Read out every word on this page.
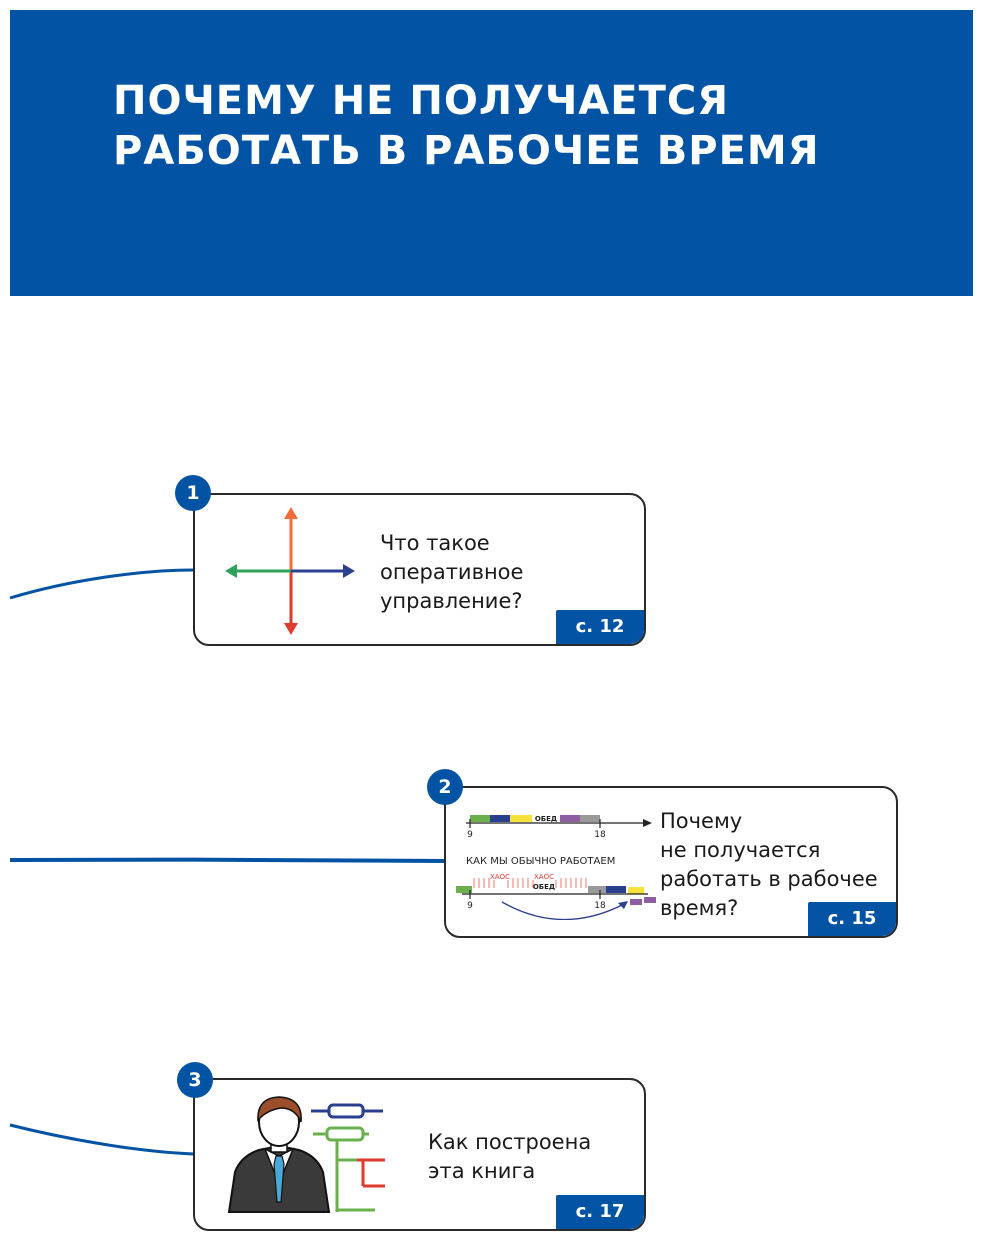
ПОЧЕМУ НЕ ПОЛУЧАЕТСЯ РАБОТАТЬ В РАБОЧЕЕ ВРЕМЯ
1

Что такое
оперативное
управление?

с. 12
2
ОБЕД
9	18
КАК МЫ ОБЫЧНО РАБОТАЕМ
ХАОС	ХАОС
ОБЕД
9	18

Почему
не получается
работать в рабочее
время?	с. 15
3

Как построена
эта книга

с. 17
